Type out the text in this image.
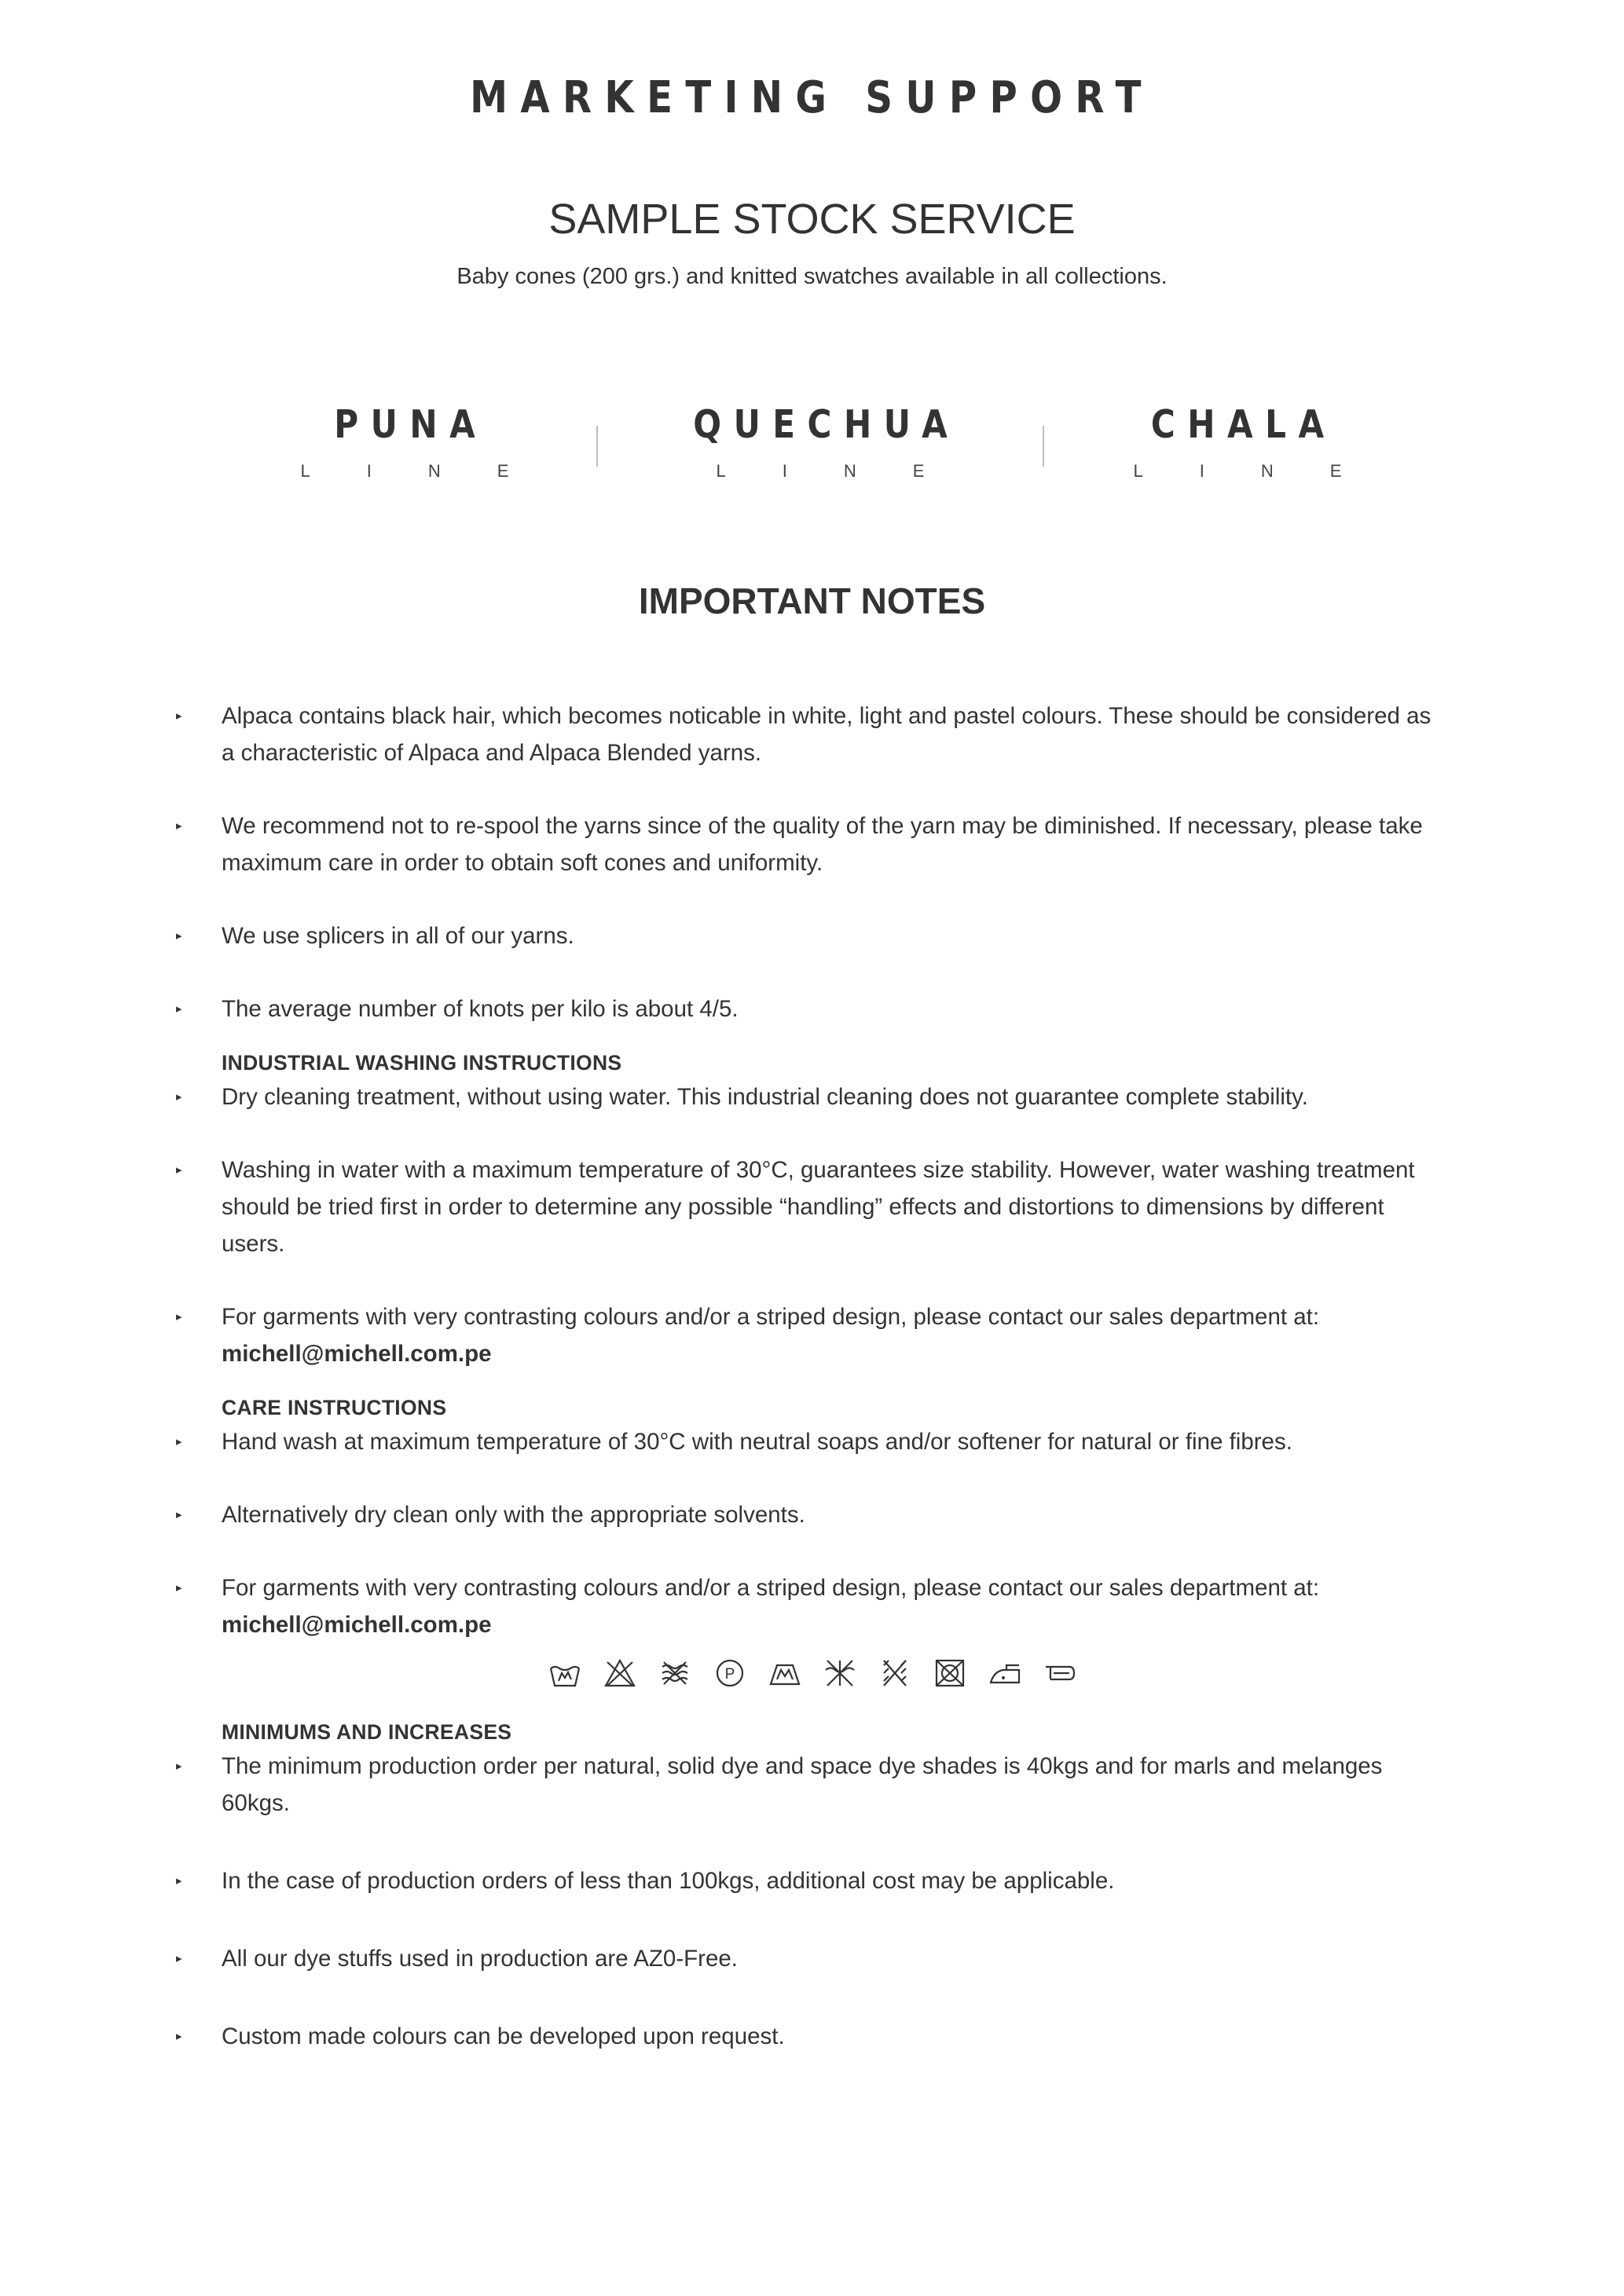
MARKETING SUPPORT
SAMPLE STOCK SERVICE

Baby cones (200 grs.) and knitted swatches available in all collections.

PUNA

LINE

QUECHUA

LINE

CHALA

LINE

IMPORTANT NOTES

▸ Alpaca contains black hair, which becomes noticable in white, light and pastel colours. These should be considered as a characteristic of Alpaca and Alpaca Blended yarns.

▸ We recommend not to re-spool the yarns since of the quality of the yarn may be diminished. If necessary, please take maximum care in order to obtain soft cones and uniformity.

▸ We use splicers in all of our yarns.

▸ The average number of knots per kilo is about 4/5.

INDUSTRIAL WASHING INSTRUCTIONS

▸ Dry cleaning treatment, without using water. This industrial cleaning does not guarantee complete stability.

▸ Washing in water with a maximum temperature of 30°C, guarantees size stability. However, water washing treatment should be tried first in order to determine any possible “handling” effects and distortions to dimensions by different users.

▸ For garments with very contrasting colours and/or a striped design, please contact our sales department at: michell@michell.com.pe

CARE INSTRUCTIONS

▸ Hand wash at maximum temperature of 30°C with neutral soaps and/or softener for natural or fine fibres.

▸ Alternatively dry clean only with the appropriate solvents.

▸ For garments with very contrasting colours and/or a striped design, please contact our sales department at: michell@michell.com.pe

P

MINIMUMS AND INCREASES

▸ The minimum production order per natural, solid dye and space dye shades is 40kgs and for marls and melanges 60kgs.

▸ In the case of production orders of less than 100kgs, additional cost may be applicable.

▸ All our dye stuffs used in production are AZ0-Free.

▸ Custom made colours can be developed upon request.
